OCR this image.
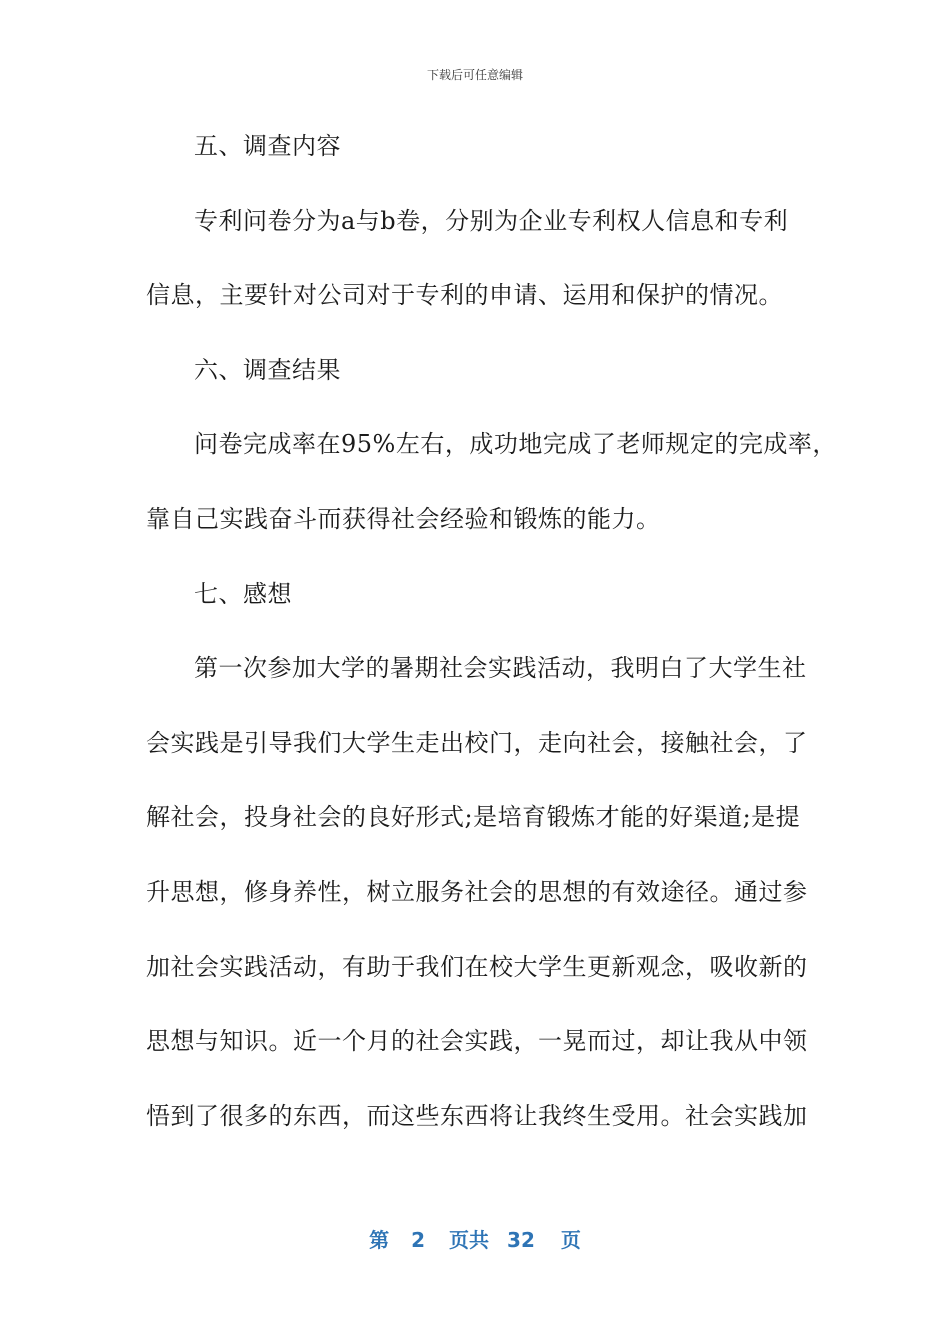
下载后可任意编辑
五、调查内容
专利问卷分为a与b卷，分别为企业专利权人信息和专利
信息，主要针对公司对于专利的申请、运用和保护的情况。
六、调查结果
问卷完成率在95%左右，成功地完成了老师规定的完成率，
靠自己实践奋斗而获得社会经验和锻炼的能力。
七、感想
第一次参加大学的暑期社会实践活动，我明白了大学生社
会实践是引导我们大学生走出校门，走向社会，接触社会，了
解社会，投身社会的良好形式;是培育锻炼才能的好渠道;是提
升思想，修身养性，树立服务社会的思想的有效途径。通过参
加社会实践活动，有助于我们在校大学生更新观念，吸收新的
思想与知识。近一个月的社会实践，一晃而过，却让我从中领
悟到了很多的东西，而这些东西将让我终生受用。社会实践加
第 2 页共 32 页
